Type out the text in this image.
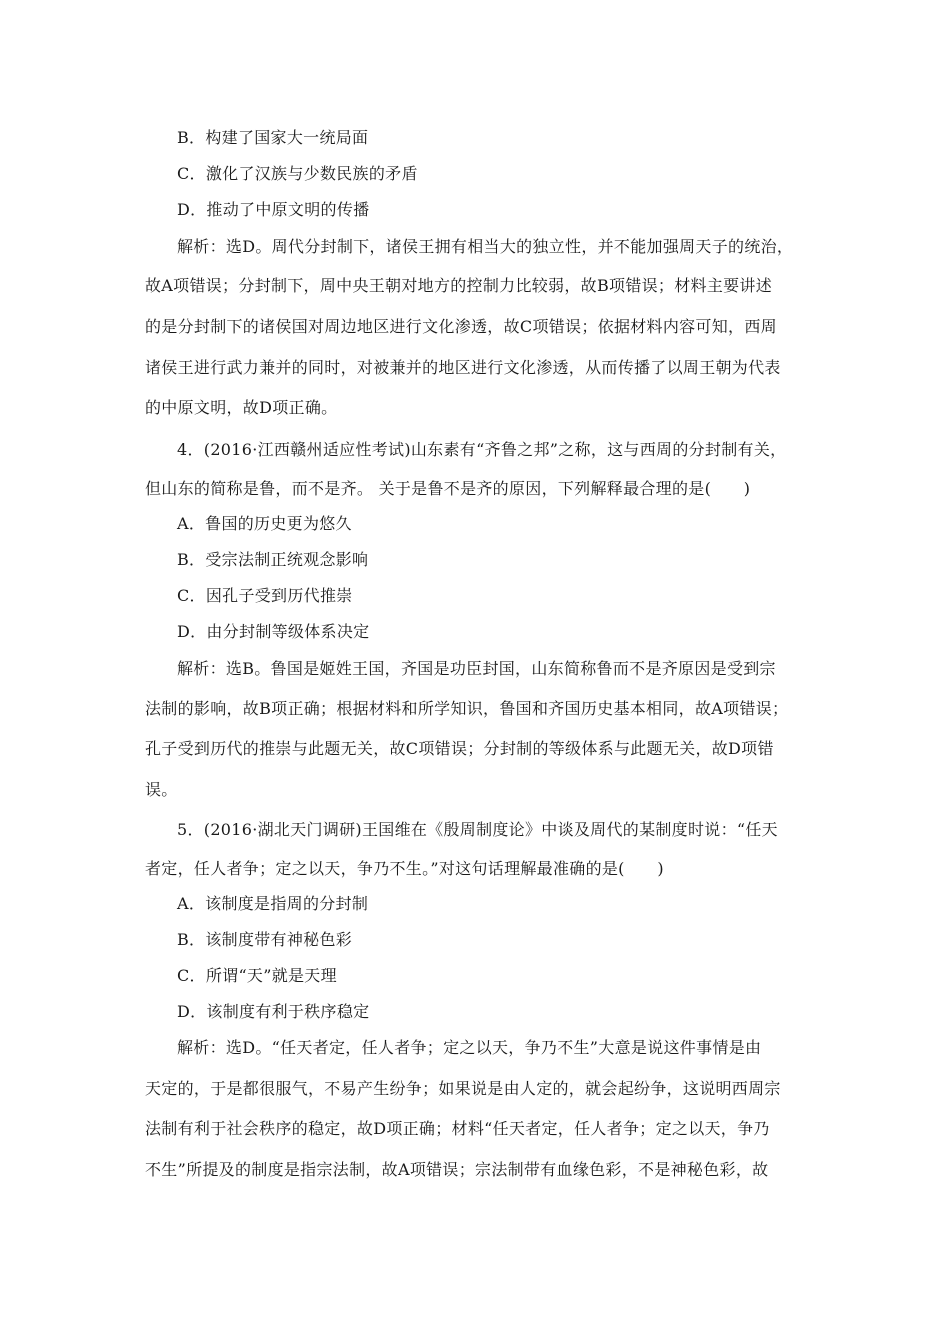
B．构建了国家大一统局面
C．激化了汉族与少数民族的矛盾
D．推动了中原文明的传播
解析：选D。周代分封制下，诸侯王拥有相当大的独立性，并不能加强周天子的统治，
故A项错误；分封制下，周中央王朝对地方的控制力比较弱，故B项错误；材料主要讲述
的是分封制下的诸侯国对周边地区进行文化渗透，故C项错误；依据材料内容可知，西周
诸侯王进行武力兼并的同时，对被兼并的地区进行文化渗透，从而传播了以周王朝为代表
的中原文明，故D项正确。
4．(2016·江西赣州适应性考试)山东素有“齐鲁之邦”之称，这与西周的分封制有关，
但山东的简称是鲁，而不是齐。 关于是鲁不是齐的原因，下列解释最合理的是(　　)
A．鲁国的历史更为悠久
B．受宗法制正统观念影响
C．因孔子受到历代推崇
D．由分封制等级体系决定
解析：选B。鲁国是姬姓王国，齐国是功臣封国，山东简称鲁而不是齐原因是受到宗
法制的影响，故B项正确；根据材料和所学知识，鲁国和齐国历史基本相同，故A项错误；
孔子受到历代的推崇与此题无关，故C项错误；分封制的等级体系与此题无关，故D项错
误。
5．(2016·湖北天门调研)王国维在《殷周制度论》中谈及周代的某制度时说：“任天
者定，任人者争；定之以天，争乃不生。”对这句话理解最准确的是(　　)
A．该制度是指周的分封制
B．该制度带有神秘色彩
C．所谓“天”就是天理
D．该制度有利于秩序稳定
解析：选D。“任天者定，任人者争；定之以天，争乃不生”大意是说这件事情是由
天定的，于是都很服气，不易产生纷争；如果说是由人定的，就会起纷争，这说明西周宗
法制有利于社会秩序的稳定，故D项正确；材料“任天者定，任人者争；定之以天，争乃
不生”所提及的制度是指宗法制，故A项错误；宗法制带有血缘色彩，不是神秘色彩，故
